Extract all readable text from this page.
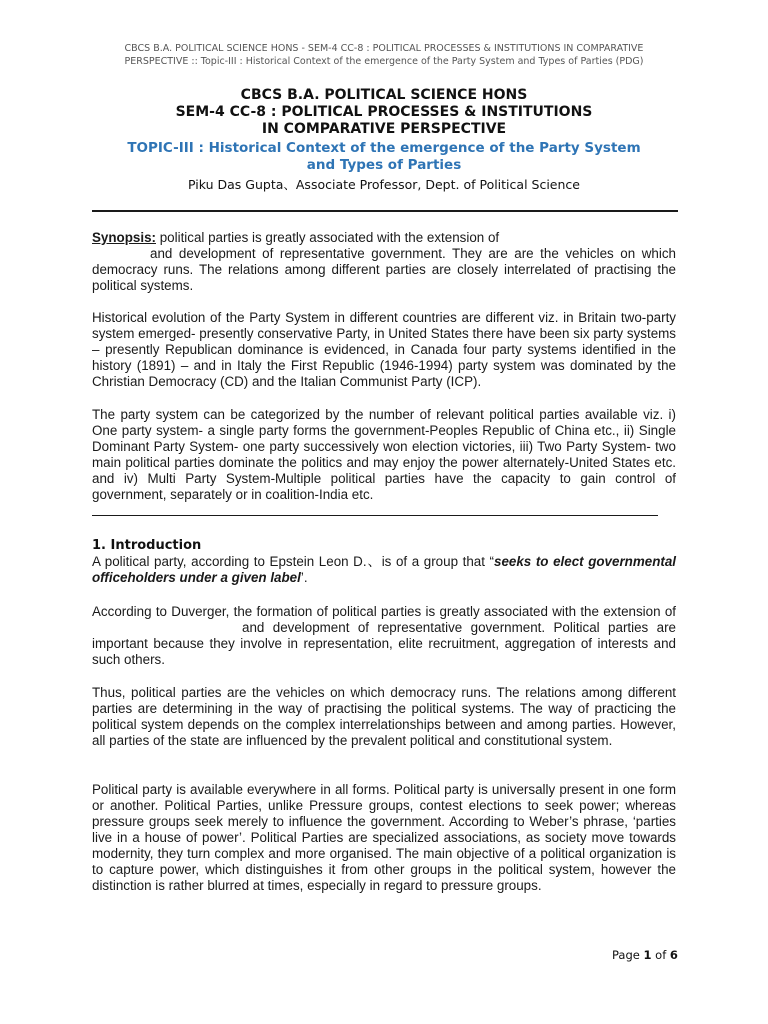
CBCS B.A. POLITICAL SCIENCE HONS - SEM-4 CC-8 : POLITICAL PROCESSES & INSTITUTIONS IN COMPARATIVE
PERSPECTIVE :: Topic-III : Historical Context of the emergence of the Party System and Types of Parties (PDG)
CBCS B.A. POLITICAL SCIENCE HONS
SEM-4 CC-8 : POLITICAL PROCESSES & INSTITUTIONS
IN COMPARATIVE PERSPECTIVE
TOPIC-III : Historical Context of the emergence of the Party System
and Types of Parties
Piku Das Gupta、Associate Professor, Dept. of Political Science

Synopsis: political parties is greatly associated with the extension of
and development of representative government. They are are the vehicles on which democracy runs. The relations among different parties are closely interrelated of practising the political systems.

Historical evolution of the Party System in different countries are different viz. in Britain two-party system emerged- presently conservative Party, in United States there have been six party systems – presently Republican dominance is evidenced, in Canada four party systems identified in the history (1891) – and in Italy the First Republic (1946-1994) party system was dominated by the Christian Democracy (CD) and the Italian Communist Party (ICP).

The party system can be categorized by the number of relevant political parties available viz. i) One party system- a single party forms the government-Peoples Republic of China etc., ii) Single Dominant Party System- one party successively won election victories, iii) Two Party System- two main political parties dominate the politics and may enjoy the power alternately-United States etc. and iv) Multi Party System-Multiple political parties have the capacity to gain control of government, separately or in coalition-India etc.

1. Introduction

A political party, according to Epstein Leon D.、is of a group that “seeks to elect governmental officeholders under a given label’.

According to Duverger, the formation of political parties is greatly associated with the extension ofand development of representative government. Political parties are important because they involve in representation, elite recruitment, aggregation of interests and such others.

Thus, political parties are the vehicles on which democracy runs. The relations among different parties are determining in the way of practising the political systems. The way of practicing the political system depends on the complex interrelationships between and among parties. However, all parties of the state are influenced by the prevalent political and constitutional system.

Political party is available everywhere in all forms. Political party is universally present in one form or another. Political Parties, unlike Pressure groups, contest elections to seek power; whereas pressure groups seek merely to influence the government. According to Weber’s phrase, ‘parties live in a house of power’. Political Parties are specialized associations, as society move towards modernity, they turn complex and more organised. The main objective of a political organization is to capture power, which distinguishes it from other groups in the political system, however the distinction is rather blurred at times, especially in regard to pressure groups.

Page 1 of 6
